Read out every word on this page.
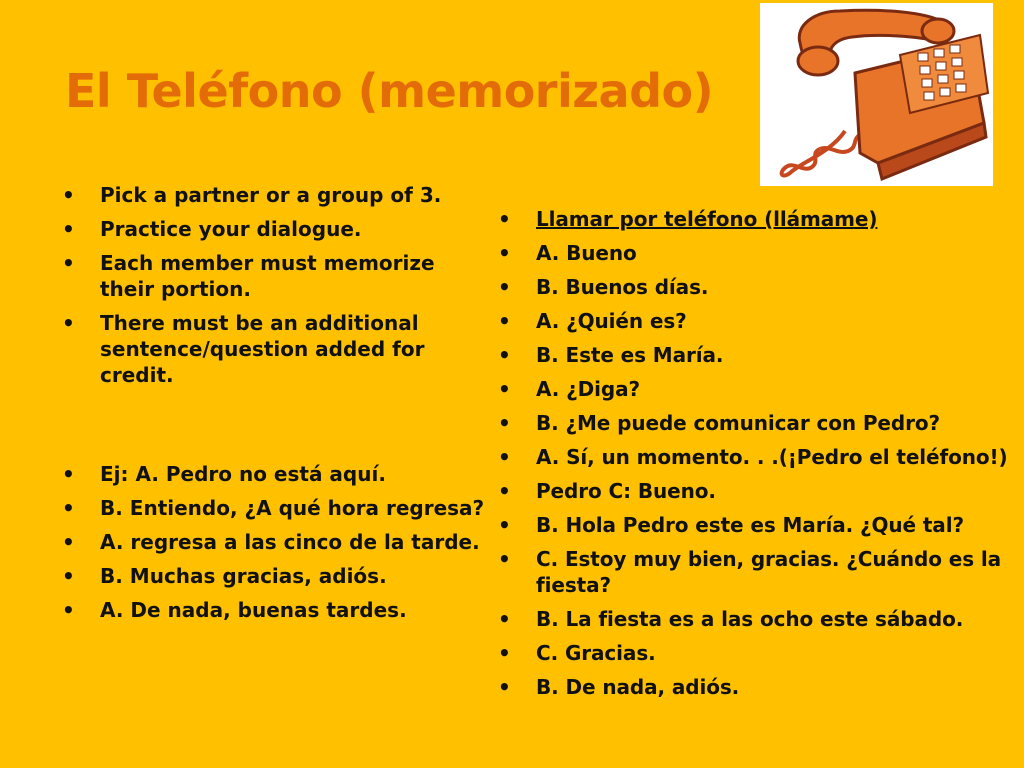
El Teléfono (memorizado)
• Pick a partner or a group of 3.
• Practice your dialogue.
• Each member must memorize their portion.
• There must be an additional sentence/question added for credit.
• Ej: A. Pedro no está aquí.
• B. Entiendo, ¿A qué hora regresa?
• A. regresa a las cinco de la tarde.
• B. Muchas gracias, adiós.
• A. De nada, buenas tardes.
• Llamar por teléfono (llámame)
• A. Bueno
• B. Buenos días.
• A. ¿Quién es?
• B. Este es María.
• A. ¿Diga?
• B. ¿Me puede comunicar con Pedro?
• A. Sí, un momento. . .(¡Pedro el teléfono!)
• Pedro C: Bueno.
• B. Hola Pedro este es María. ¿Qué tal?
• C. Estoy muy bien, gracias. ¿Cuándo es la fiesta?
• B. La fiesta es a las ocho este sábado.
• C. Gracias.
• B. De nada, adiós.
